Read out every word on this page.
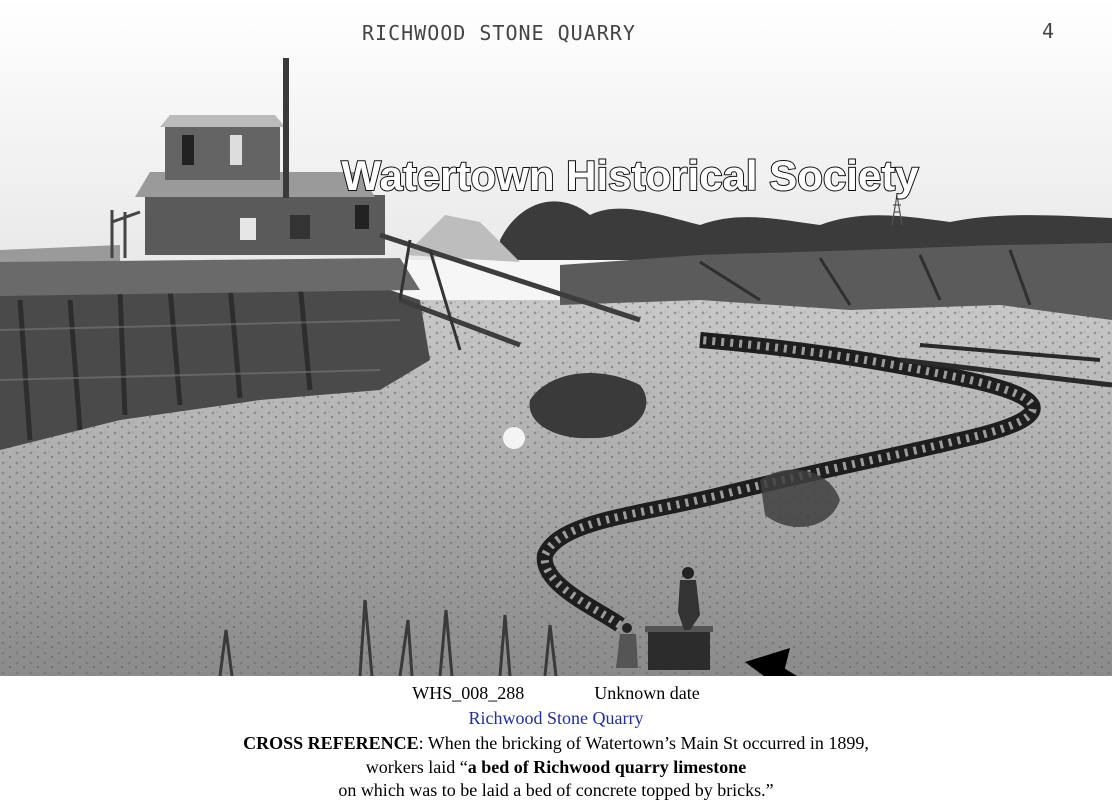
RICHWOOD STONE QUARRY	4
Watertown Historical Society
WHS_008_288	Unknown date
Richwood Stone Quarry
CROSS REFERENCE: When the bricking of Watertown’s Main St occurred in 1899,
workers laid “a bed of Richwood quarry limestone
on which was to be laid a bed of concrete topped by bricks.”
